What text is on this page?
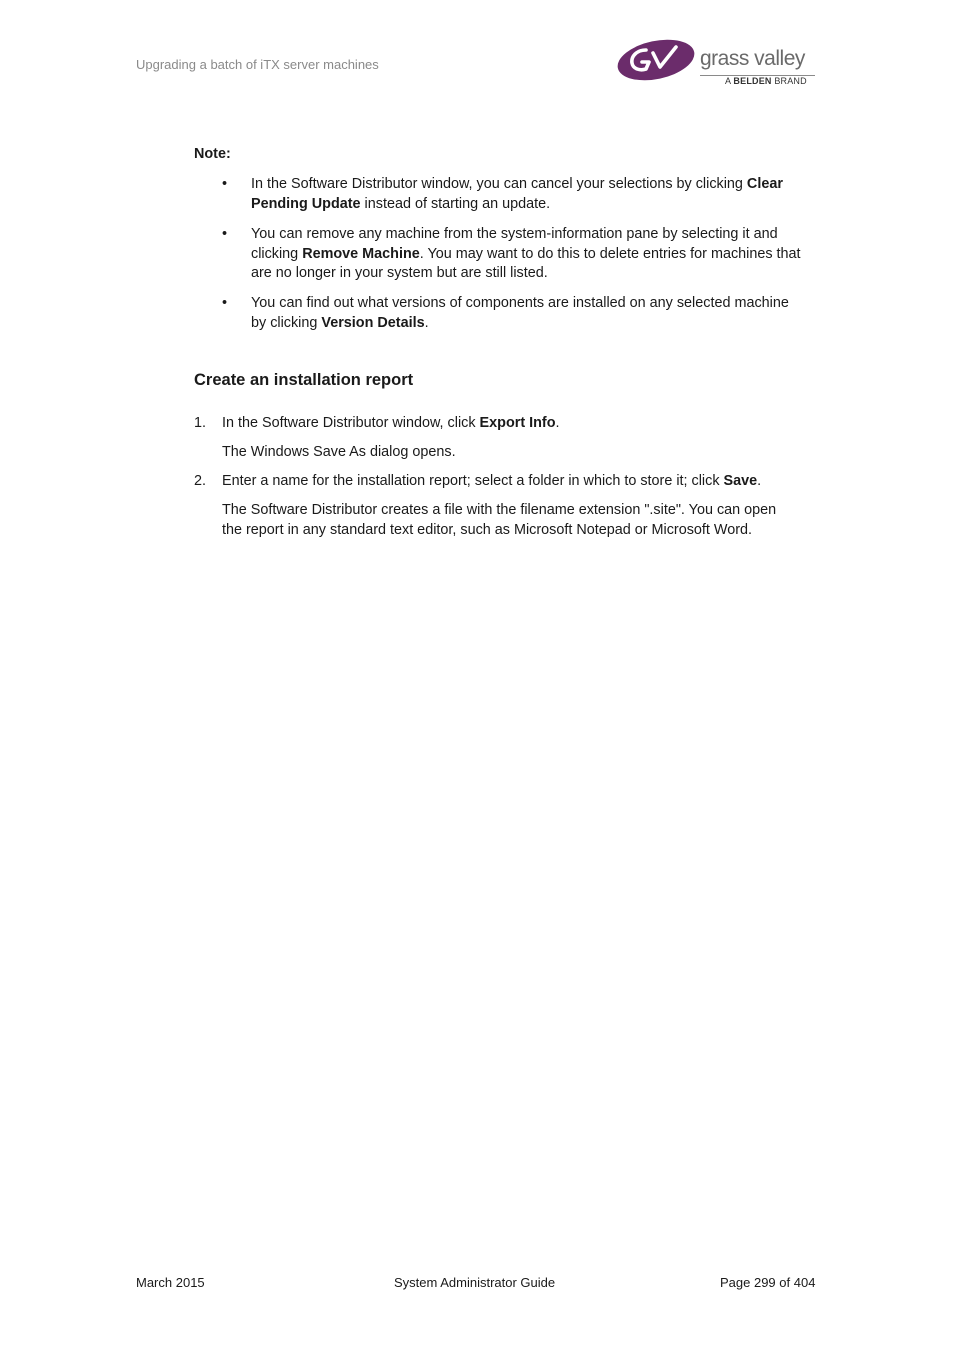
Upgrading a batch of iTX server machines	grass valley
A BELDEN BRAND
Note:
•	In the Software Distributor window, you can cancel your selections by clicking Clear
Pending Update instead of starting an update.
•	You can remove any machine from the system-information pane by selecting it and
clicking Remove Machine. You may want to do this to delete entries for machines that
are no longer in your system but are still listed.
•	You can find out what versions of components are installed on any selected machine
by clicking Version Details.
Create an installation report
1. In the Software Distributor window, click Export Info.
The Windows Save As dialog opens.
2. Enter a name for the installation report; select a folder in which to store it; click Save.
The Software Distributor creates a file with the filename extension ".site". You can open
the report in any standard text editor, such as Microsoft Notepad or Microsoft Word.
March 2015	System Administrator Guide	Page 299 of 404
